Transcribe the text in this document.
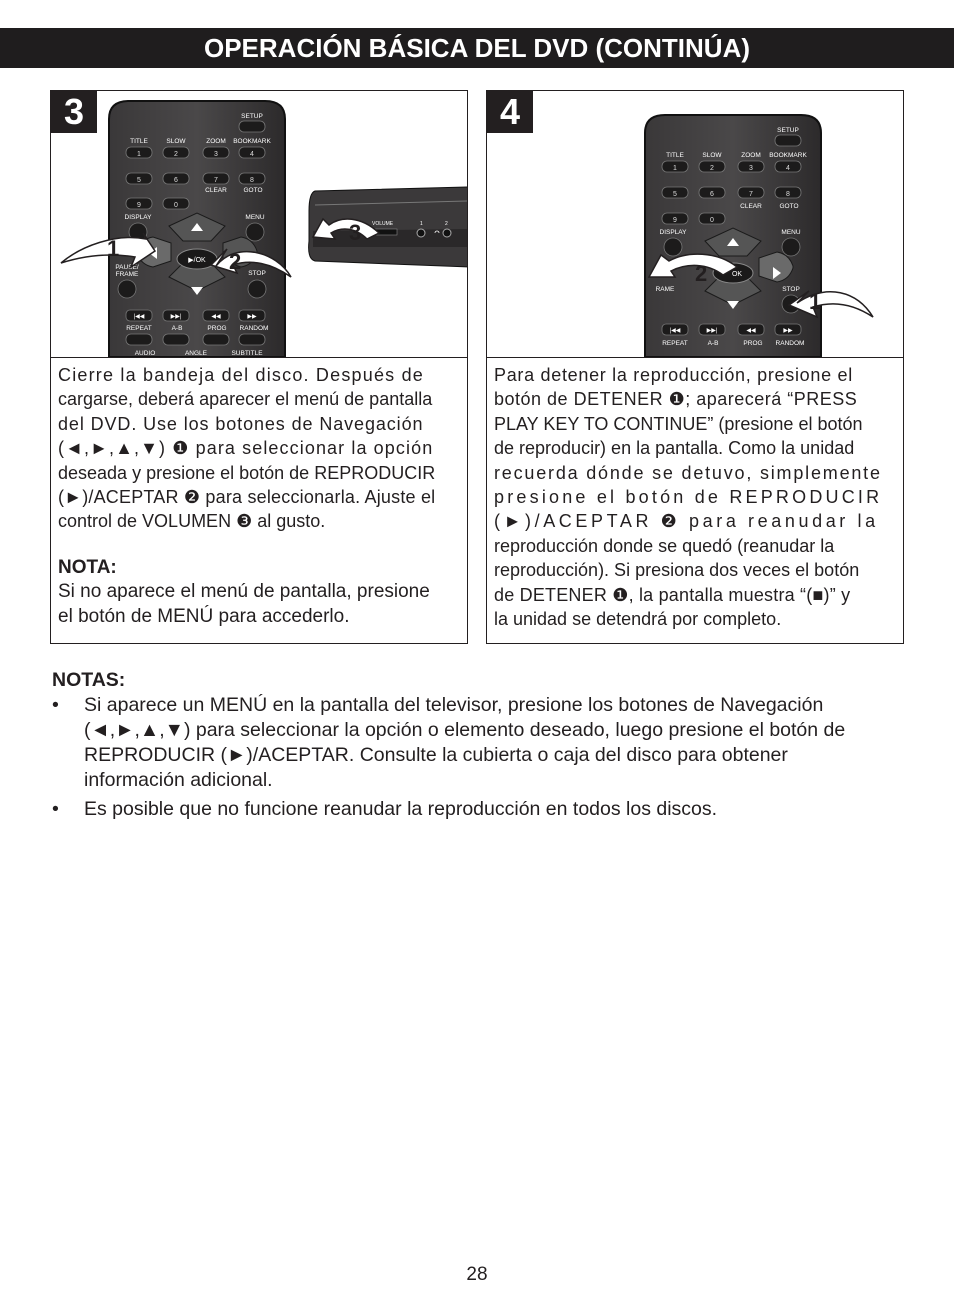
OPERACIÓN BÁSICA DEL DVD (CONTINÚA)
SETUP
TITLE	SLOW	ZOOM BOOKMARK
CLEAR	GOTO
DISPLAY	MENU
PAUSE/
FRAME	STOP
REPEAT	A-B	PROG RANDOM
AUDIO	ANGLE	SUBTITLE
1	2	3	4
5	6	7	8
9	0
|◀◀	▶▶|	◀◀	▶▶
▶/OK
1
2
VOLUME	1	2
3
3

Cierre la bandeja del disco. Después de

cargarse, deberá aparecer el menú de pantalla

del DVD. Use los botones de Navegación

(◄,►,▲,▼) ❶ para seleccionar la opción

deseada y presione el botón de REPRODUCIR

(►)/ACEPTAR ❷ para seleccionarla. Ajuste el

control de VOLUMEN ❸ al gusto.

NOTA:

Si no aparece el menú de pantalla, presione

el botón de MENÚ para accederlo.

SETUP
TITLE	SLOW	ZOOM BOOKMARK
CLEAR	GOTO
DISPLAY	MENU
RAME	STOP
REPEAT	A-B	PROG RANDOM
1	2	3	4
5	6	7	8
9	0
|◀◀	▶▶|	◀◀	▶▶
OK
2
1
4

Para detener la reproducción, presione el

botón de DETENER ❶; aparecerá “PRESS

PLAY KEY TO CONTINUE” (presione el botón

de reproducir) en la pantalla. Como la unidad

recuerda dónde se detuvo, simplemente

presione el botón de REPRODUCIR

(►)/ACEPTAR ❷ para reanudar la

reproducción donde se quedó (reanudar la

reproducción). Si presiona dos veces el botón

de DETENER ❶, la pantalla muestra “(■)” y

la unidad se detendrá por completo.

NOTAS:
• Si aparece un MENÚ en la pantalla del televisor, presione los botones de Navegación
(◄,►,▲,▼) para seleccionar la opción o elemento deseado, luego presione el botón de
REPRODUCIR (►)/ACEPTAR. Consulte la cubierta o caja del disco para obtener
información adicional.
• Es posible que no funcione reanudar la reproducción en todos los discos.
28
